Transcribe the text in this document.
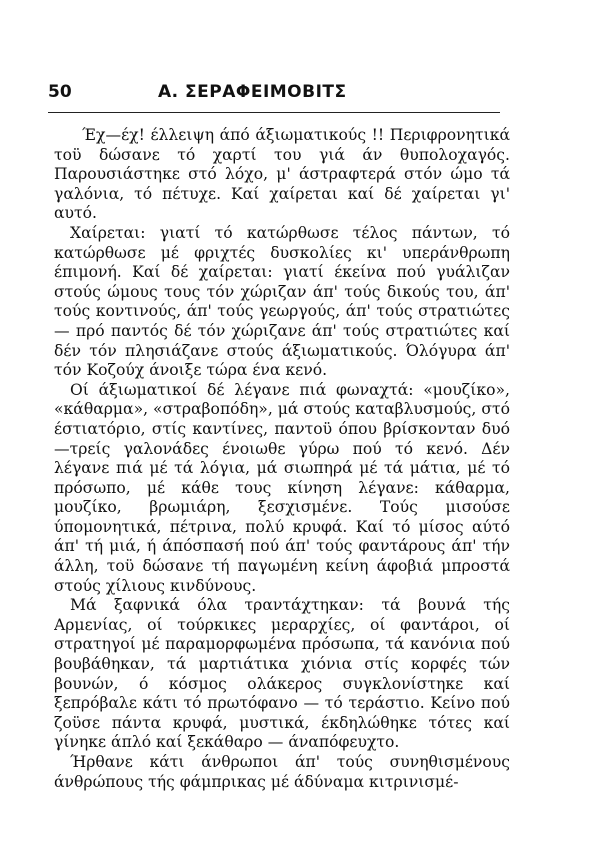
50	Α. ΣΕΡΑΦΕΙΜΟΒΙΤΣ

Έχ—έχ! έλλειψη άπό άξιωματικούς !! Περιφρονητικά τοϋ δώσανε τό χαρτί του γιά άν θυπολοχαγός. Παρουσιάστηκε στό λόχο, μ' άστραφτερά στόν ώμο τά γαλόνια, τό πέτυχε. Καί χαίρεται καί δέ χαίρεται γι' αυτό.

Χαίρεται: γιατί τό κατώρθωσε τέλος πάντων, τό κατώρθωσε μέ φριχτές δυσκολίες κι' υπεράνθρωπη έπιμονή. Καί δέ χαίρεται: γιατί έκείνα πού γυάλιζαν στούς ώμους τους τόν χώριζαν άπ' τούς δικούς του, άπ' τούς κοντινούς, άπ' τούς γεωργούς, άπ' τούς στρατιώτες— πρό παντός δέ τόν χώριζανε άπ' τούς στρατιώτες καί δέν τόν πλησιάζανε στούς άξιωματικούς. Όλόγυρα άπ' τόν Κοζούχ άνοιξε τώρα ένα κενό.

Οί άξιωματικοί δέ λέγανε πιά φωναχτά: «μουζίκο», «κάθαρμα», «στραβοπόδη», μά στούς καταβλυσμούς, στό έστιατόριο, στίς καντίνες, παντοϋ όπου βρίσκονταν δυό—τρείς γαλονάδες ένοιωθε γύρω πού τό κενό. Δέν λέγανε πιά μέ τά λόγια, μά σιωπηρά μέ τά μάτια, μέ τό πρόσωπο, μέ κάθε τους κίνηση λέγανε: κάθαρμα, μουζίκο, βρωμιάρη, ξεσχισμένε. Τούς μισούσε ύπομονητικά, πέτρινα, πολύ κρυφά. Καί τό μίσος αύτό άπ' τή μιά, ή άπόσπασή πού άπ' τούς φαντάρους άπ' τήν άλλη, τοϋ δώσανε τή παγωμένη κείνη άφοβιά μπροστά στούς χίλιους κινδύνους.

Μά ξαφνικά όλα τραντάχτηκαν: τά βουνά τής Αρμενίας, οί τούρκικες μεραρχίες, οί φαντάροι, οί στρατηγοί μέ παραμορφωμένα πρόσωπα, τά κανόνια πού βουβάθηκαν, τά μαρτιάτικα χιόνια στίς κορφές τών βουνών, ό κόσμος ολάκερος συγκλονίστηκε καί ξεπρόβαλε κάτι τό πρωτόφανο — τό τεράστιο. Κείνο πού ζοϋσε πάντα κρυφά, μυστικά, έκδηλώθηκε τότες καί γίνηκε άπλό καί ξεκάθαρο — άναπόφευχτο.

Ήρθανε κάτι άνθρωποι άπ' τούς συνηθισμένους άνθρώπους τής φάμπρικας μέ άδύναμα κιτρινισμέ-
